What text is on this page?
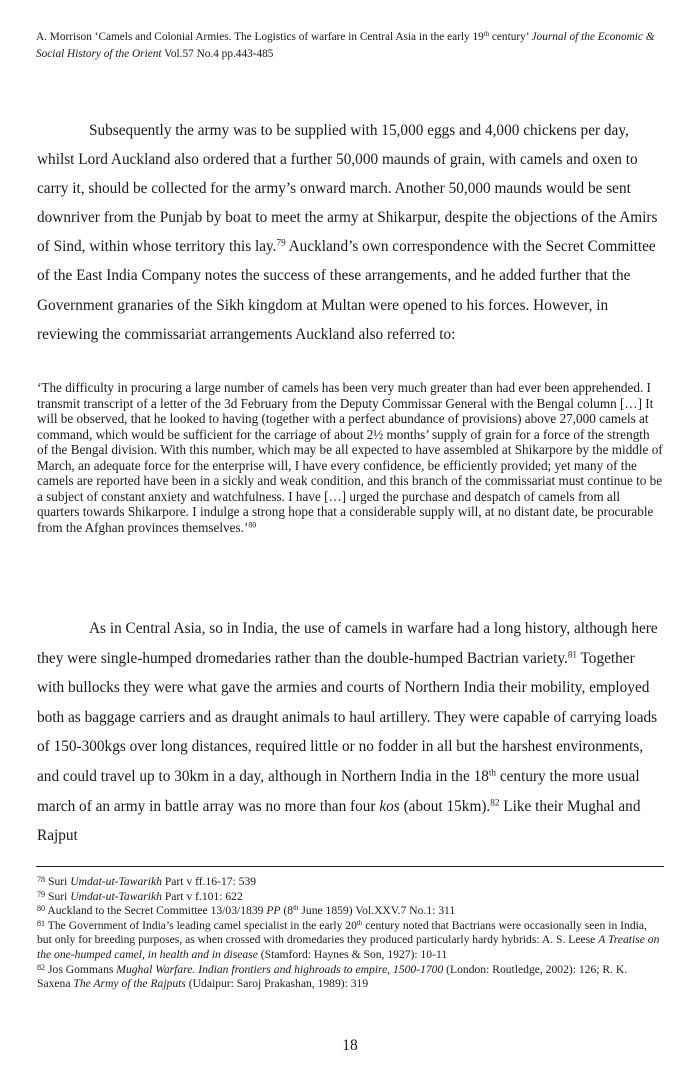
A. Morrison ‘Camels and Colonial Armies. The Logistics of warfare in Central Asia in the early 19th century’ Journal of the Economic & Social History of the Orient Vol.57 No.4 pp.443-485

Subsequently the army was to be supplied with 15,000 eggs and 4,000 chickens per day, whilst Lord Auckland also ordered that a further 50,000 maunds of grain, with camels and oxen to carry it, should be collected for the army’s onward march. Another 50,000 maunds would be sent downriver from the Punjab by boat to meet the army at Shikarpur, despite the objections of the Amirs of Sind, within whose territory this lay.$^{79}$ Auckland’s own correspondence with the Secret Committee of the East India Company notes the success of these arrangements, and he added further that the Government granaries of the Sikh kingdom at Multan were opened to his forces. However, in reviewing the commissariat arrangements Auckland also referred to:

‘The difficulty in procuring a large number of camels has been very much greater than had ever been apprehended. I transmit transcript of a letter of the 3d February from the Deputy Commissar General with the Bengal column […] It will be observed, that he looked to having (together with a perfect abundance of provisions) above 27,000 camels at command, which would be sufficient for the carriage of about 2½ months’ supply of grain for a force of the strength of the Bengal division. With this number, which may be all expected to have assembled at Shikarpore by the middle of March, an adequate force for the enterprise will, I have every confidence, be efficiently provided; yet many of the camels are reported have been in a sickly and weak condition, and this branch of the commissariat must continue to be a subject of constant anxiety and watchfulness. I have […] urged the purchase and despatch of camels from all quarters towards Shikarpore. I indulge a strong hope that a considerable supply will, at no distant date, be procurable from the Afghan provinces themselves.’$^{80}$

As in Central Asia, so in India, the use of camels in warfare had a long history, although here they were single-humped dromedaries rather than the double-humped Bactrian variety.$^{81}$ Together with bullocks they were what gave the armies and courts of Northern India their mobility, employed both as baggage carriers and as draught animals to haul artillery. They were capable of carrying loads of 150-300kgs over long distances, required little or no fodder in all but the harshest environments, and could travel up to 30km in a day, although in Northern India in the 18th century the more usual march of an army in battle array was no more than four kos (about 15km).$^{82}$ Like their Mughal and Rajput

$^{78}$ Suri Umdat-ut-Tawarikh Part v ff.16-17: 539
$^{79}$ Suri Umdat-ut-Tawarikh Part v f.101: 622
$^{80}$ Auckland to the Secret Committee 13/03/1839 PP (8th June 1859) Vol.XXV.7 No.1: 311
$^{81}$ The Government of India’s leading camel specialist in the early 20th century noted that Bactrians were occasionally seen in India, but only for breeding purposes, as when crossed with dromedaries they produced particularly hardy hybrids: A. S. Leese A Treatise on the one-humped camel, in health and in disease (Stamford: Haynes & Son, 1927): 10-11
$^{82}$ Jos Gommans Mughal Warfare. Indian frontiers and highroads to empire, 1500-1700 (London: Routledge, 2002): 126; R. K. Saxena The Army of the Rajputs (Udaipur: Saroj Prakashan, 1989): 319
18
